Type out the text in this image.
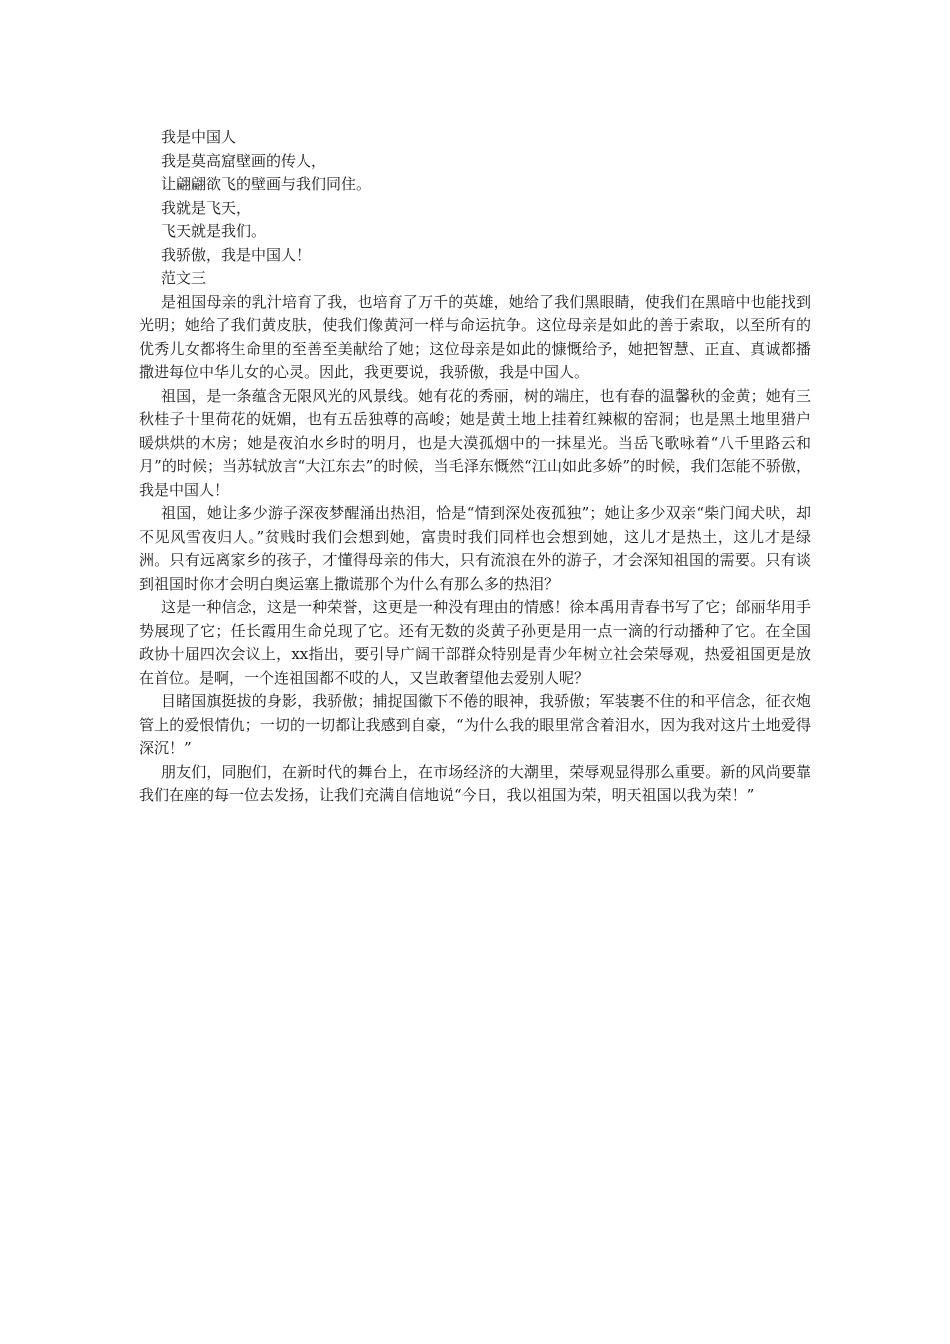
我是中国人
我是莫高窟壁画的传人，
让翩翩欲飞的壁画与我们同住。
我就是飞天，
飞天就是我们。
我骄傲，我是中国人！
范文三

是祖国母亲的乳汁培育了我，也培育了万千的英雄，她给了我们黑眼睛，使我们在黑暗中也能找到光明；她给了我们黄皮肤，使我们像黄河一样与命运抗争。这位母亲是如此的善于索取，以至所有的优秀儿女都将生命里的至善至美献给了她；这位母亲是如此的慷慨给予，她把智慧、正直、真诚都播撒进每位中华儿女的心灵。因此，我更要说，我骄傲，我是中国人。

祖国，是一条蕴含无限风光的风景线。她有花的秀丽，树的端庄，也有春的温馨秋的金黄；她有三秋桂子十里荷花的妩媚，也有五岳独尊的高峻；她是黄土地上挂着红辣椒的窑洞；也是黑土地里猎户暖烘烘的木房；她是夜泊水乡时的明月，也是大漠孤烟中的一抹星光。当岳飞歌咏着“八千里路云和月”的时候；当苏轼放言“大江东去”的时候，当毛泽东慨然“江山如此多娇”的时候，我们怎能不骄傲，我是中国人！

祖国，她让多少游子深夜梦醒涌出热泪，恰是“情到深处夜孤独”；她让多少双亲“柴门闻犬吠，却不见风雪夜归人。”贫贱时我们会想到她，富贵时我们同样也会想到她，这儿才是热土，这儿才是绿洲。只有远离家乡的孩子，才懂得母亲的伟大，只有流浪在外的游子，才会深知祖国的需要。只有谈到祖国时你才会明白奥运塞上撒谎那个为什么有那么多的热泪？

这是一种信念，这是一种荣誉，这更是一种没有理由的情感！徐本禹用青春书写了它；邰丽华用手势展现了它；任长霞用生命兑现了它。还有无数的炎黄子孙更是用一点一滴的行动播种了它。在全国政协十届四次会议上，xx指出，要引导广阔干部群众特别是青少年树立社会荣辱观，热爱祖国更是放在首位。是啊，一个连祖国都不哎的人，又岂敢奢望他去爱别人呢？

目睹国旗挺拔的身影，我骄傲；捕捉国徽下不倦的眼神，我骄傲；军装裹不住的和平信念，征衣炮管上的爱恨情仇；一切的一切都让我感到自豪，“为什么我的眼里常含着泪水，因为我对这片土地爱得深沉！”

朋友们，同胞们，在新时代的舞台上，在市场经济的大潮里，荣辱观显得那么重要。新的风尚要靠我们在座的每一位去发扬，让我们充满自信地说“今日，我以祖国为荣，明天祖国以我为荣！”
